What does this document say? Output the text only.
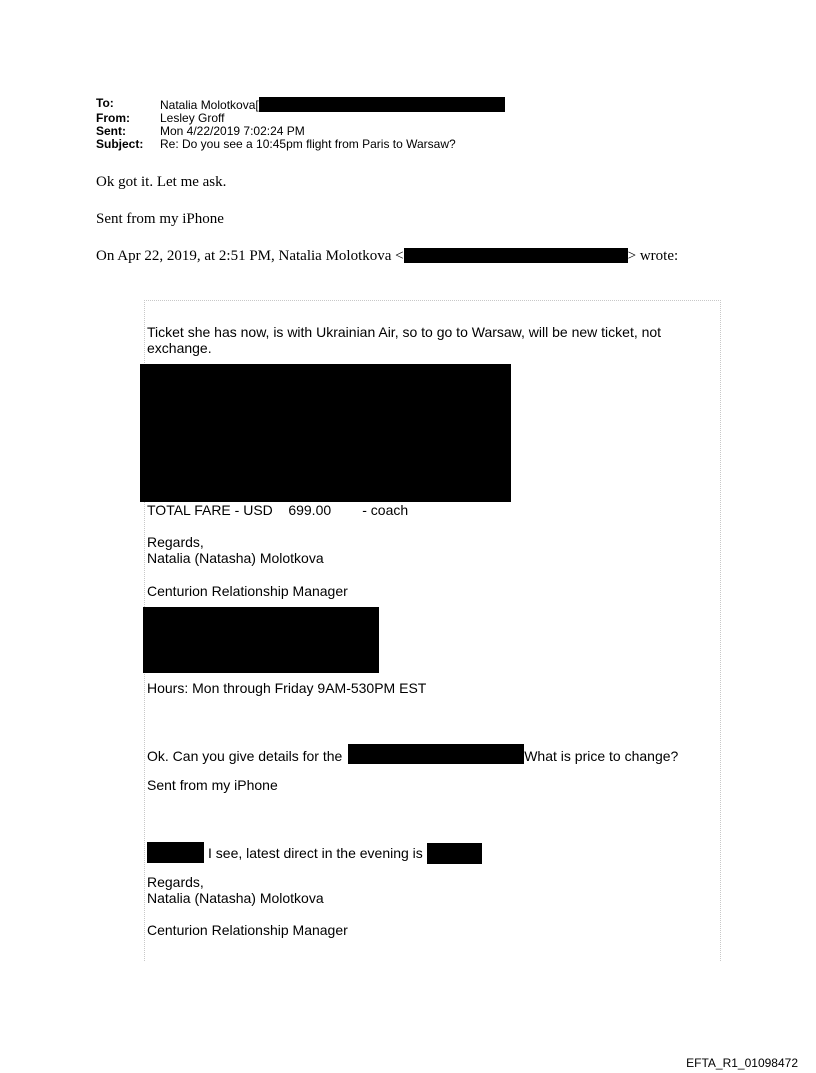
To:	Natalia Molotkova[
From:	Lesley Groff
Sent:	Mon 4/22/2019 7:02:24 PM
Subject:	Re: Do you see a 10:45pm flight from Paris to Warsaw?
Ok got it. Let me ask.
Sent from my iPhone
On Apr 22, 2019, at 2:51 PM, Natalia Molotkova <	> wrote:
Ticket she has now, is with Ukrainian Air, so to go to Warsaw, will be new ticket, not
exchange.
TOTAL FARE - USD    699.00        - coach
Regards,
Natalia (Natasha) Molotkova
Centurion Relationship Manager
Hours: Mon through Friday 9AM-530PM EST
Ok. Can you give details for the	What is price to change?
Sent from my iPhone
I see, latest direct in the evening is
Regards,
Natalia (Natasha) Molotkova
Centurion Relationship Manager
EFTA_R1_01098472
